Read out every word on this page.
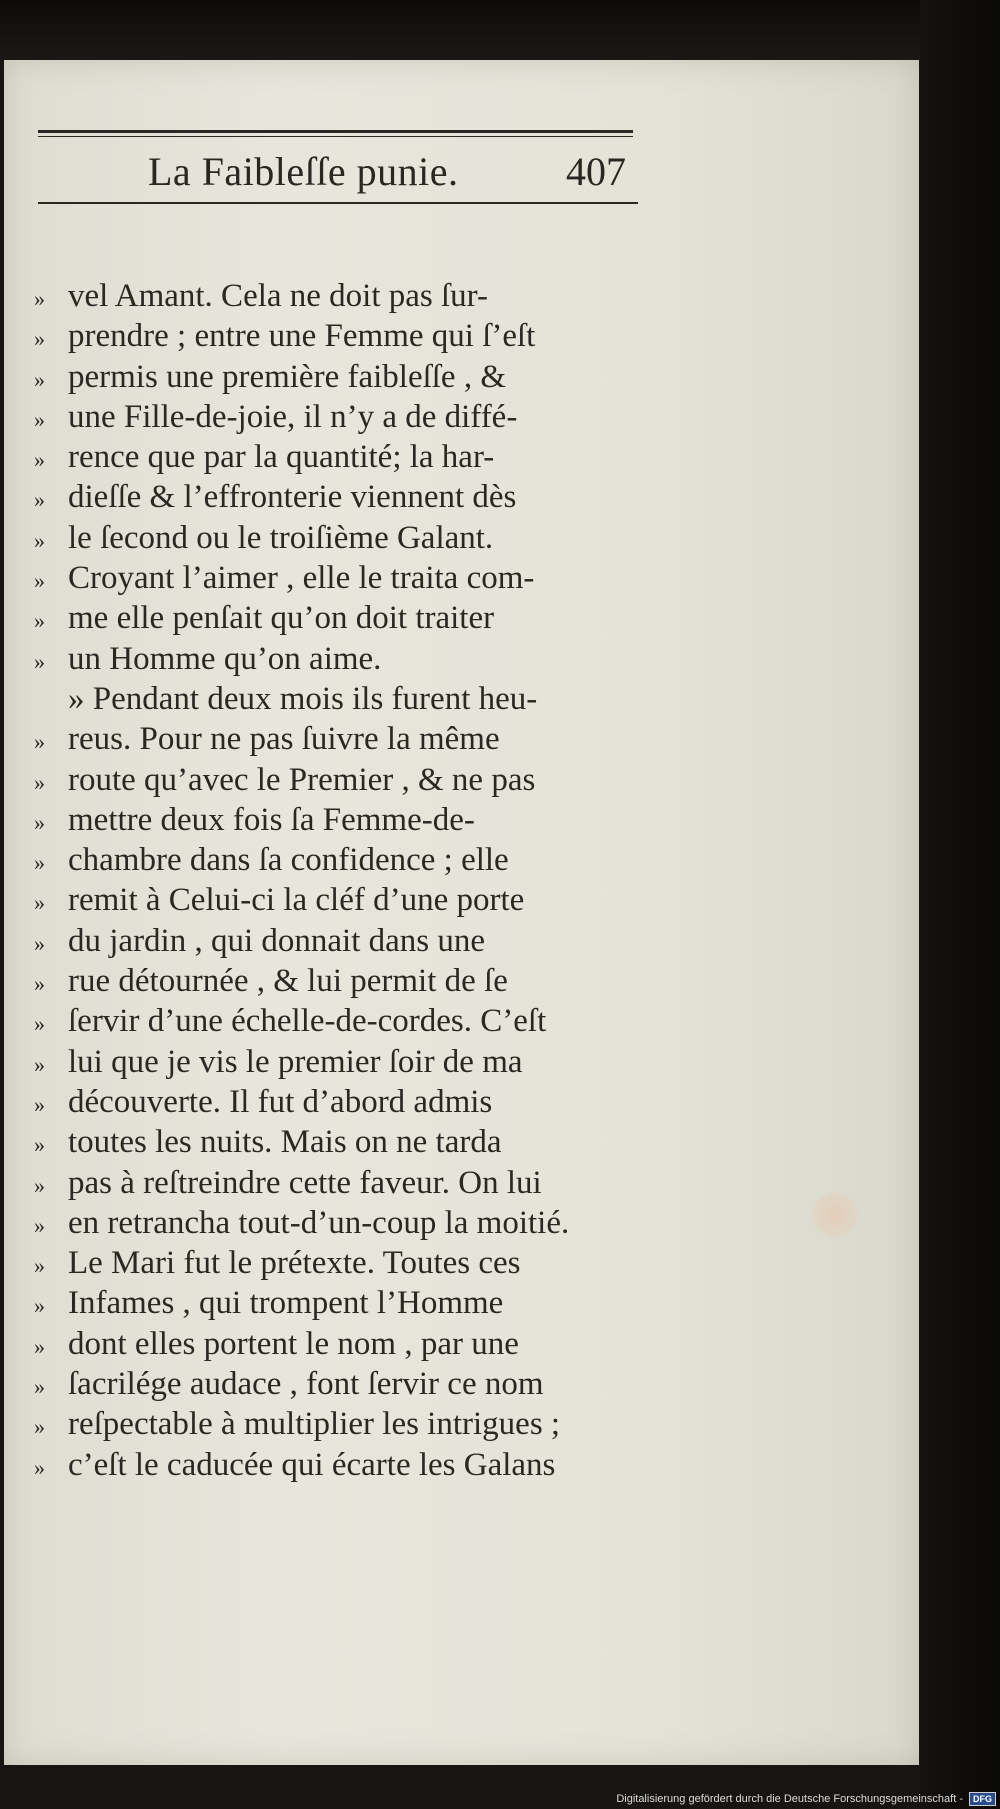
La Faibleſſe punie.	407
» vel Amant. Cela ne doit pas ſur-
» prendre ; entre une Femme qui ſ’eſt
» permis une première faibleſſe , &
» une Fille-de-joie, il n’y a de diffé-
» rence que par la quantité; la har-
» dieſſe & l’effronterie viennent dès
» le ſecond ou le troiſième Galant.
» Croyant l’aimer , elle le traita com-
» me elle penſait qu’on doit traiter
» un Homme qu’on aime.
» Pendant deux mois ils furent heu-
» reus. Pour ne pas ſuivre la même
» route qu’avec le Premier , & ne pas
» mettre deux fois ſa Femme-de-
» chambre dans ſa confidence ; elle
» remit à Celui-ci la cléf d’une porte
» du jardin , qui donnait dans une
» rue détournée , & lui permit de ſe
» ſervir d’une échelle-de-cordes. C’eſt
» lui que je vis le premier ſoir de ma
» découverte. Il fut d’abord admis
» toutes les nuits. Mais on ne tarda
» pas à reſtreindre cette faveur. On lui
» en retrancha tout-d’un-coup la moitié.
» Le Mari fut le prétexte. Toutes ces
» Infames , qui trompent l’Homme
» dont elles portent le nom , par une
» ſacrilége audace , font ſervir ce nom
» reſpectable à multiplier les intrigues ;
» c’eſt le caducée qui écarte les Galans
Digitalisierung gefördert durch die Deutsche Forschungsgemeinschaft -	DFG
